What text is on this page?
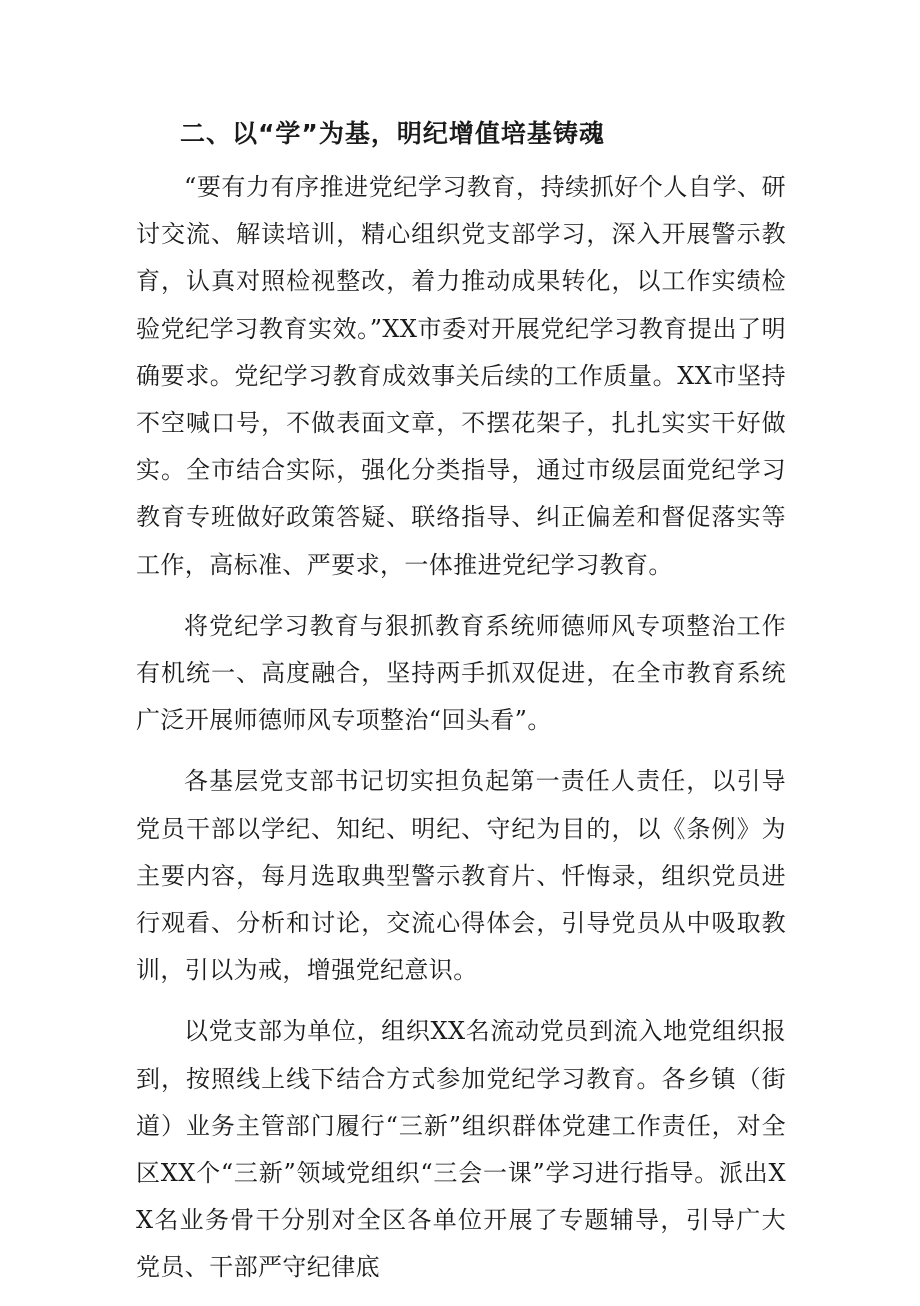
二、以“学”为基，明纪增值培基铸魂

“要有力有序推进党纪学习教育，持续抓好个人自学、研讨交流、解读培训，精心组织党支部学习，深入开展警示教育，认真对照检视整改，着力推动成果转化，以工作实绩检验党纪学习教育实效。”XX市委对开展党纪学习教育提出了明确要求。党纪学习教育成效事关后续的工作质量。XX市坚持不空喊口号，不做表面文章，不摆花架子，扎扎实实干好做实。全市结合实际，强化分类指导，通过市级层面党纪学习教育专班做好政策答疑、联络指导、纠正偏差和督促落实等工作，高标准、严要求，一体推进党纪学习教育。

将党纪学习教育与狠抓教育系统师德师风专项整治工作有机统一、高度融合，坚持两手抓双促进，在全市教育系统广泛开展师德师风专项整治“回头看”。

各基层党支部书记切实担负起第一责任人责任，以引导党员干部以学纪、知纪、明纪、守纪为目的，以《条例》为主要内容，每月选取典型警示教育片、忏悔录，组织党员进行观看、分析和讨论，交流心得体会，引导党员从中吸取教训，引以为戒，增强党纪意识。

以党支部为单位，组织XX名流动党员到流入地党组织报到，按照线上线下结合方式参加党纪学习教育。各乡镇（街道）业务主管部门履行“三新”组织群体党建工作责任，对全区XX个“三新”领域党组织“三会一课”学习进行指导。派出XX名业务骨干分别对全区各单位开展了专题辅导，引导广大党员、干部严守纪律底
